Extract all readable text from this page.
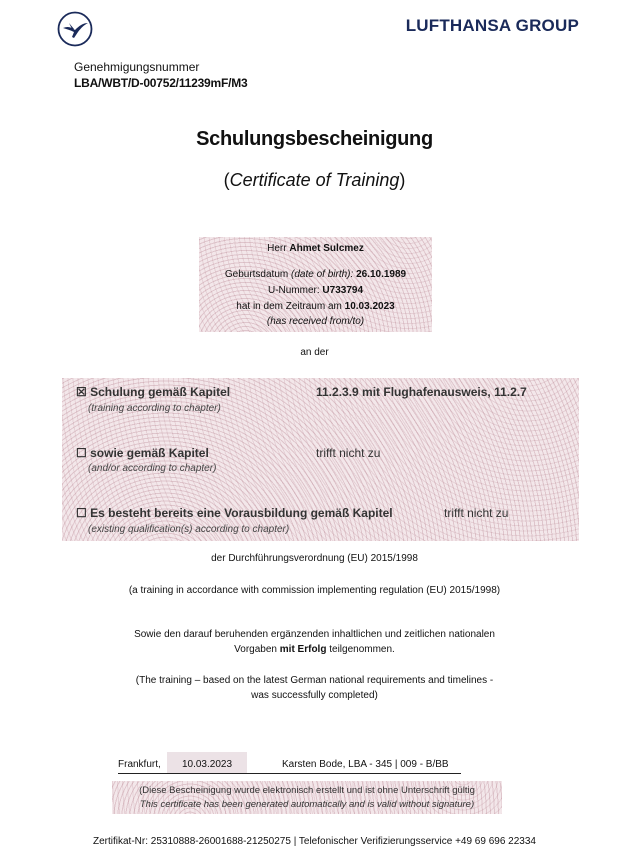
LUFTHANSA GROUP
Genehmigungsnummer
LBA/WBT/D-00752/11239mF/M3
Schulungsbescheinigung
(Certificate of Training)
Herr Ahmet Sulcmez
Geburtsdatum (date of birth): 26.10.1989
U-Nummer: U733794
hat in dem Zeitraum am 10.03.2023
(has received from/to)
an der
☒ Schulung gemäß Kapitel
(training according to chapter)
11.2.3.9 mit Flughafenausweis, 11.2.7
☐ sowie gemäß Kapitel
(and/or according to chapter)
trifft nicht zu
☐ Es besteht bereits eine Vorausbildung gemäß Kapitel
(existing qualification(s) according to chapter)
trifft nicht zu
der Durchführungsverordnung (EU) 2015/1998
(a training in accordance with commission implementing regulation (EU) 2015/1998)
Sowie den darauf beruhenden ergänzenden inhaltlichen und zeitlichen nationalen
Vorgaben mit Erfolg teilgenommen.
(The training – based on the latest German national requirements and timelines -
was successfully completed)
10.03.2023
Frankfurt,	Karsten Bode, LBA - 345 | 009 - B/BB
(Diese Bescheinigung wurde elektronisch erstellt und ist ohne Unterschrift gültig
This certificate has been generated automatically and is valid without signature)
Zertifikat-Nr: 25310888-26001688-21250275 | Telefonischer Verifizierungsservice +49 69 696 22334
